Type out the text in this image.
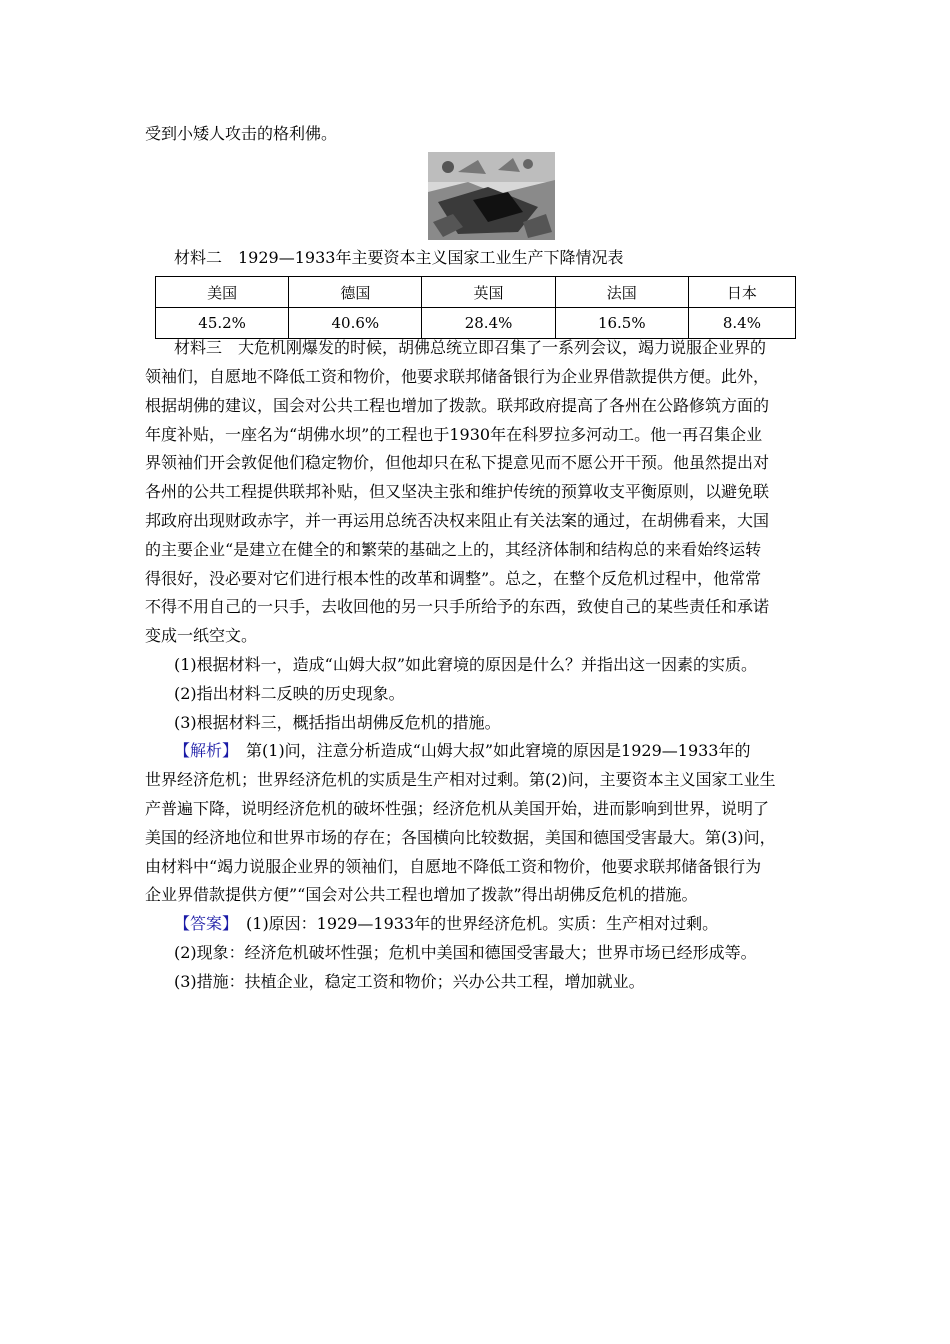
受到小矮人攻击的格利佛。
材料二　1929—1933年主要资本主义国家工业生产下降情况表
美国	德国	英国	法国	日本
45.2%	40.6%	28.4%	16.5%	8.4%
材料三　大危机刚爆发的时候，胡佛总统立即召集了一系列会议，竭力说服企业界的
领袖们，自愿地不降低工资和物价，他要求联邦储备银行为企业界借款提供方便。此外，
根据胡佛的建议，国会对公共工程也增加了拨款。联邦政府提高了各州在公路修筑方面的
年度补贴，一座名为“胡佛水坝”的工程也于1930年在科罗拉多河动工。他一再召集企业
界领袖们开会敦促他们稳定物价，但他却只在私下提意见而不愿公开干预。他虽然提出对
各州的公共工程提供联邦补贴，但又坚决主张和维护传统的预算收支平衡原则，以避免联
邦政府出现财政赤字，并一再运用总统否决权来阻止有关法案的通过，在胡佛看来，大国
的主要企业“是建立在健全的和繁荣的基础之上的，其经济体制和结构总的来看始终运转
得很好，没必要对它们进行根本性的改革和调整”。总之，在整个反危机过程中，他常常
不得不用自己的一只手，去收回他的另一只手所给予的东西，致使自己的某些责任和承诺
变成一纸空文。
(1)根据材料一，造成“山姆大叔”如此窘境的原因是什么？并指出这一因素的实质。
(2)指出材料二反映的历史现象。
(3)根据材料三，概括指出胡佛反危机的措施。
【解析】　第(1)问，注意分析造成“山姆大叔”如此窘境的原因是1929—1933年的
世界经济危机；世界经济危机的实质是生产相对过剩。第(2)问，主要资本主义国家工业生
产普遍下降，说明经济危机的破坏性强；经济危机从美国开始，进而影响到世界，说明了
美国的经济地位和世界市场的存在；各国横向比较数据，美国和德国受害最大。第(3)问，
由材料中“竭力说服企业界的领袖们，自愿地不降低工资和物价，他要求联邦储备银行为
企业界借款提供方便”“国会对公共工程也增加了拨款”得出胡佛反危机的措施。
【答案】　(1)原因：1929—1933年的世界经济危机。实质：生产相对过剩。
(2)现象：经济危机破坏性强；危机中美国和德国受害最大；世界市场已经形成等。
(3)措施：扶植企业，稳定工资和物价；兴办公共工程，增加就业。
